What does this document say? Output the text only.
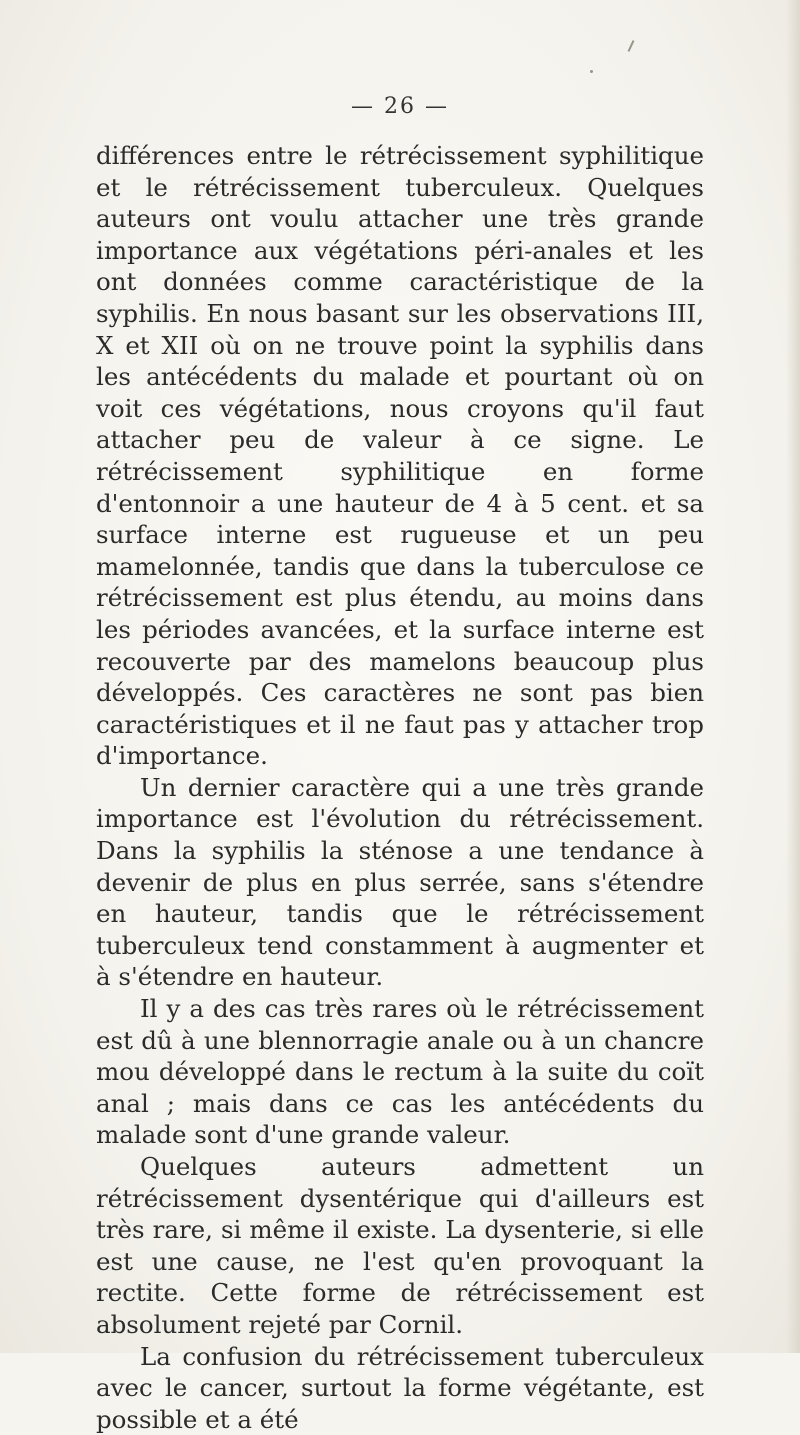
— 26 —

différences entre le rétrécissement syphilitique et le rétrécissement tuberculeux. Quelques auteurs ont voulu attacher une très grande importance aux végétations péri-anales et les ont données comme caractéristique de la syphilis. En nous basant sur les observations III, X et XII où on ne trouve point la syphilis dans les antécédents du malade et pourtant où on voit ces végétations, nous croyons qu'il faut attacher peu de valeur à ce signe. Le rétrécissement syphilitique en forme d'entonnoir a une hauteur de 4 à 5 cent. et sa surface interne est rugueuse et un peu mamelonnée, tandis que dans la tuberculose ce rétrécissement est plus étendu, au moins dans les périodes avancées, et la surface interne est recouverte par des mamelons beaucoup plus développés. Ces caractères ne sont pas bien caractéristiques et il ne faut pas y attacher trop d'importance.

Un dernier caractère qui a une très grande importance est l'évolution du rétrécissement. Dans la syphilis la sténose a une tendance à devenir de plus en plus serrée, sans s'étendre en hauteur, tandis que le rétrécissement tuberculeux tend constamment à augmenter et à s'étendre en hauteur.

Il y a des cas très rares où le rétrécissement est dû à une blennorragie anale ou à un chancre mou développé dans le rectum à la suite du coït anal ; mais dans ce cas les antécédents du malade sont d'une grande valeur.

Quelques auteurs admettent un rétrécissement dysentérique qui d'ailleurs est très rare, si même il existe. La dysenterie, si elle est une cause, ne l'est qu'en provoquant la rectite. Cette forme de rétrécissement est absolument rejeté par Cornil.

La confusion du rétrécissement tuberculeux avec le cancer, surtout la forme végétante, est possible et a été
